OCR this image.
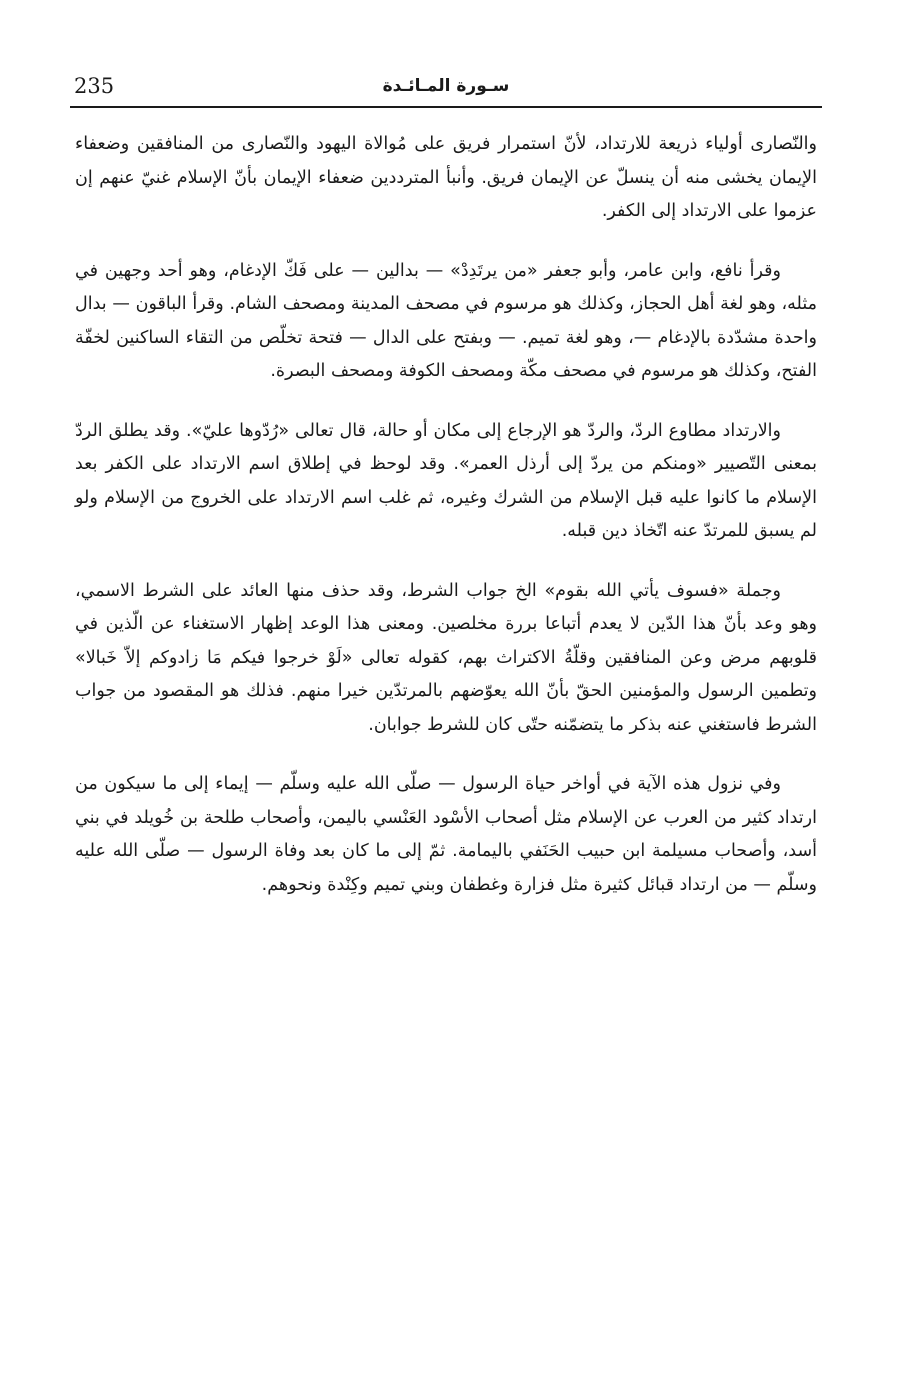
235	سـورة المـائـدة

والنّصارى أولياء ذريعة للارتداد، لأنّ استمرار فريق على مُوالاة اليهود والنّصارى من المنافقين وضعفاء الإيمان يخشى منه أن ينسلّ عن الإيمان فريق. وأنبأ المترددين ضعفاء الإيمان بأنّ الإسلام غنيّ عنهم إن عزموا على الارتداد إلى الكفر.

وقرأ نافع، وابن عامر، وأبو جعفر «من يرتَدِدْ» — بدالين — على فَكّ الإدغام، وهو أحد وجهين في مثله، وهو لغة أهل الحجاز، وكذلك هو مرسوم في مصحف المدينة ومصحف الشام. وقرأ الباقون — بدال واحدة مشدّدة بالإدغام —، وهو لغة تميم. — وبفتح على الدال — فتحة تخلّص من التقاء الساكنين لخفّة الفتح، وكذلك هو مرسوم في مصحف مكّة ومصحف الكوفة ومصحف البصرة.

والارتداد مطاوع الردّ، والردّ هو الإرجاع إلى مكان أو حالة، قال تعالى «رُدّوها عليّ». وقد يطلق الردّ بمعنى التّصيير «ومنكم من يردّ إلى أرذل العمر». وقد لوحظ في إطلاق اسم الارتداد على الكفر بعد الإسلام ما كانوا عليه قبل الإسلام من الشرك وغيره، ثم غلب اسم الارتداد على الخروج من الإسلام ولو لم يسبق للمرتدّ عنه اتّخاذ دين قبله.

وجملة «فسوف يأتي الله بقوم» الخ جواب الشرط، وقد حذف منها العائد على الشرط الاسمي، وهو وعد بأنّ هذا الدّين لا يعدم أتباعا بررة مخلصين. ومعنى هذا الوعد إظهار الاستغناء عن الّذين في قلوبهم مرض وعن المنافقين وقلّةُ الاكتراث بهم، كقوله تعالى «لَوْ خرجوا فيكم مَا زادوكم إلاّ خَبالا» وتطمين الرسول والمؤمنين الحقّ بأنّ الله يعوّضهم بالمرتدّين خيرا منهم. فذلك هو المقصود من جواب الشرط فاستغني عنه بذكر ما يتضمّنه حتّى كان للشرط جوابان.

وفي نزول هذه الآية في أواخر حياة الرسول — صلّى الله عليه وسلّم — إيماء إلى ما سيكون من ارتداد كثير من العرب عن الإسلام مثل أصحاب الأسْود العَنْسي باليمن، وأصحاب طلحة بن خُويلد في بني أسد، وأصحاب مسيلمة ابن حبيب الحَنَفي باليمامة. ثمّ إلى ما كان بعد وفاة الرسول — صلّى الله عليه وسلّم — من ارتداد قبائل كثيرة مثل فزارة وغطفان وبني تميم وكِنْدة ونحوهم.
